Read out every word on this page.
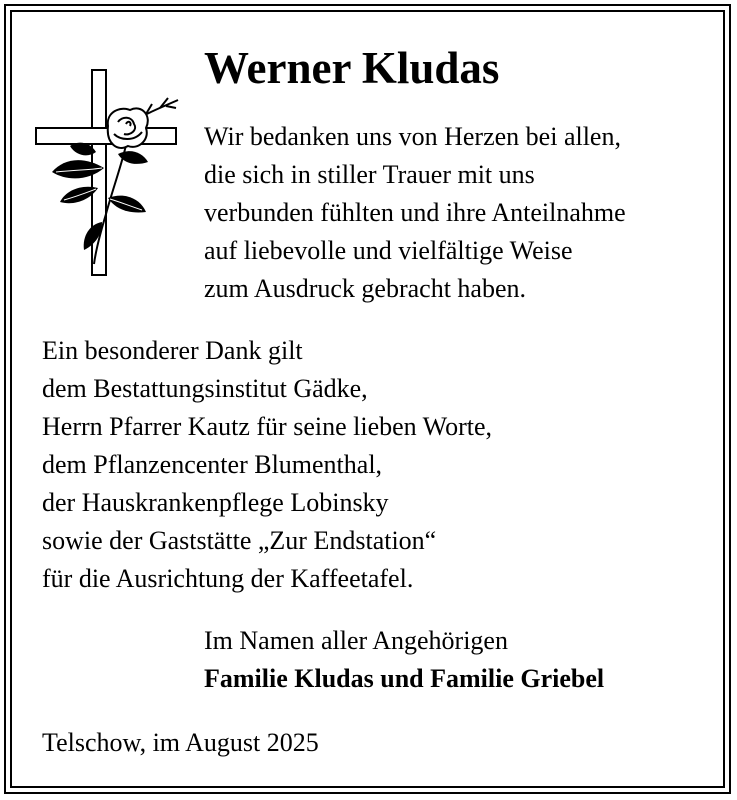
Werner Kludas
Wir bedanken uns von Herzen bei allen,
die sich in stiller Trauer mit uns
verbunden fühlten und ihre Anteilnahme
auf liebevolle und vielfältige Weise
zum Ausdruck gebracht haben.
Ein besonderer Dank gilt
dem Bestattungsinstitut Gädke,
Herrn Pfarrer Kautz für seine lieben Worte,
dem Pflanzencenter Blumenthal,
der Hauskrankenpflege Lobinsky
sowie der Gaststätte „Zur Endstation“
für die Ausrichtung der Kaffeetafel.
Im Namen aller Angehörigen
Familie Kludas und Familie Griebel
Telschow, im August 2025
